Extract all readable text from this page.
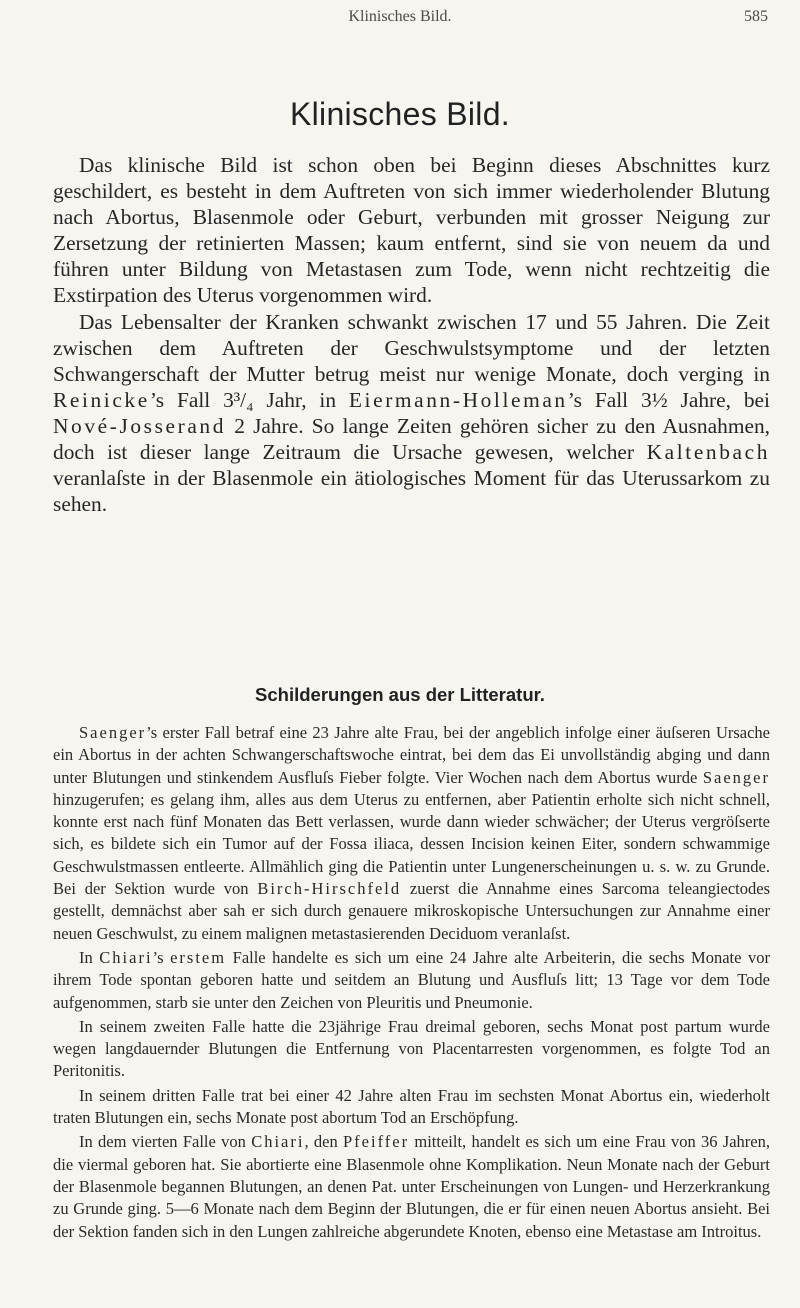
Klinisches Bild.	585
Klinisches Bild.

Das klinische Bild ist schon oben bei Beginn dieses Abschnittes kurz geschildert, es besteht in dem Auftreten von sich immer wiederholender Blutung nach Abortus, Blasenmole oder Geburt, verbunden mit grosser Neigung zur Zersetzung der retinierten Massen; kaum entfernt, sind sie von neuem da und führen unter Bildung von Metastasen zum Tode, wenn nicht rechtzeitig die Exstirpation des Uterus vorgenommen wird.

Das Lebensalter der Kranken schwankt zwischen 17 und 55 Jahren. Die Zeit zwischen dem Auftreten der Geschwulstsymptome und der letzten Schwangerschaft der Mutter betrug meist nur wenige Monate, doch verging in Reinicke’s Fall 3³/₄ Jahr, in Eiermann-Holleman’s Fall 3½ Jahre, bei Nové-Josserand 2 Jahre. So lange Zeiten gehören sicher zu den Ausnahmen, doch ist dieser lange Zeitraum die Ursache gewesen, welcher Kaltenbach veranlaſste in der Blasenmole ein ätiologisches Moment für das Uterussarkom zu sehen.

Schilderungen aus der Litteratur.

Saenger’s erster Fall betraf eine 23 Jahre alte Frau, bei der angeblich infolge einer äuſseren Ursache ein Abortus in der achten Schwangerschaftswoche eintrat, bei dem das Ei unvollständig abging und dann unter Blutungen und stinkendem Ausfluſs Fieber folgte. Vier Wochen nach dem Abortus wurde Saenger hinzugerufen; es gelang ihm, alles aus dem Uterus zu entfernen, aber Patientin erholte sich nicht schnell, konnte erst nach fünf Monaten das Bett verlassen, wurde dann wieder schwächer; der Uterus vergröſserte sich, es bildete sich ein Tumor auf der Fossa iliaca, dessen Incision keinen Eiter, sondern schwammige Geschwulstmassen entleerte. Allmählich ging die Patientin unter Lungenerscheinungen u. s. w. zu Grunde. Bei der Sektion wurde von Birch-Hirschfeld zuerst die Annahme eines Sarcoma teleangiectodes gestellt, demnächst aber sah er sich durch genauere mikroskopische Untersuchungen zur Annahme einer neuen Geschwulst, zu einem malignen metastasierenden Deciduom veranlaſst.

In Chiari’s erstem Falle handelte es sich um eine 24 Jahre alte Arbeiterin, die sechs Monate vor ihrem Tode spontan geboren hatte und seitdem an Blutung und Ausfluſs litt; 13 Tage vor dem Tode aufgenommen, starb sie unter den Zeichen von Pleuritis und Pneumonie.

In seinem zweiten Falle hatte die 23jährige Frau dreimal geboren, sechs Monat post partum wurde wegen langdauernder Blutungen die Entfernung von Placentarresten vorgenommen, es folgte Tod an Peritonitis.

In seinem dritten Falle trat bei einer 42 Jahre alten Frau im sechsten Monat Abortus ein, wiederholt traten Blutungen ein, sechs Monate post abortum Tod an Erschöpfung.

In dem vierten Falle von Chiari, den Pfeiffer mitteilt, handelt es sich um eine Frau von 36 Jahren, die viermal geboren hat. Sie abortierte eine Blasenmole ohne Komplikation. Neun Monate nach der Geburt der Blasenmole begannen Blutungen, an denen Pat. unter Erscheinungen von Lungen- und Herzerkrankung zu Grunde ging. 5—6 Monate nach dem Beginn der Blutungen, die er für einen neuen Abortus ansieht. Bei der Sektion fanden sich in den Lungen zahlreiche abgerundete Knoten, ebenso eine Metastase am Introitus.
